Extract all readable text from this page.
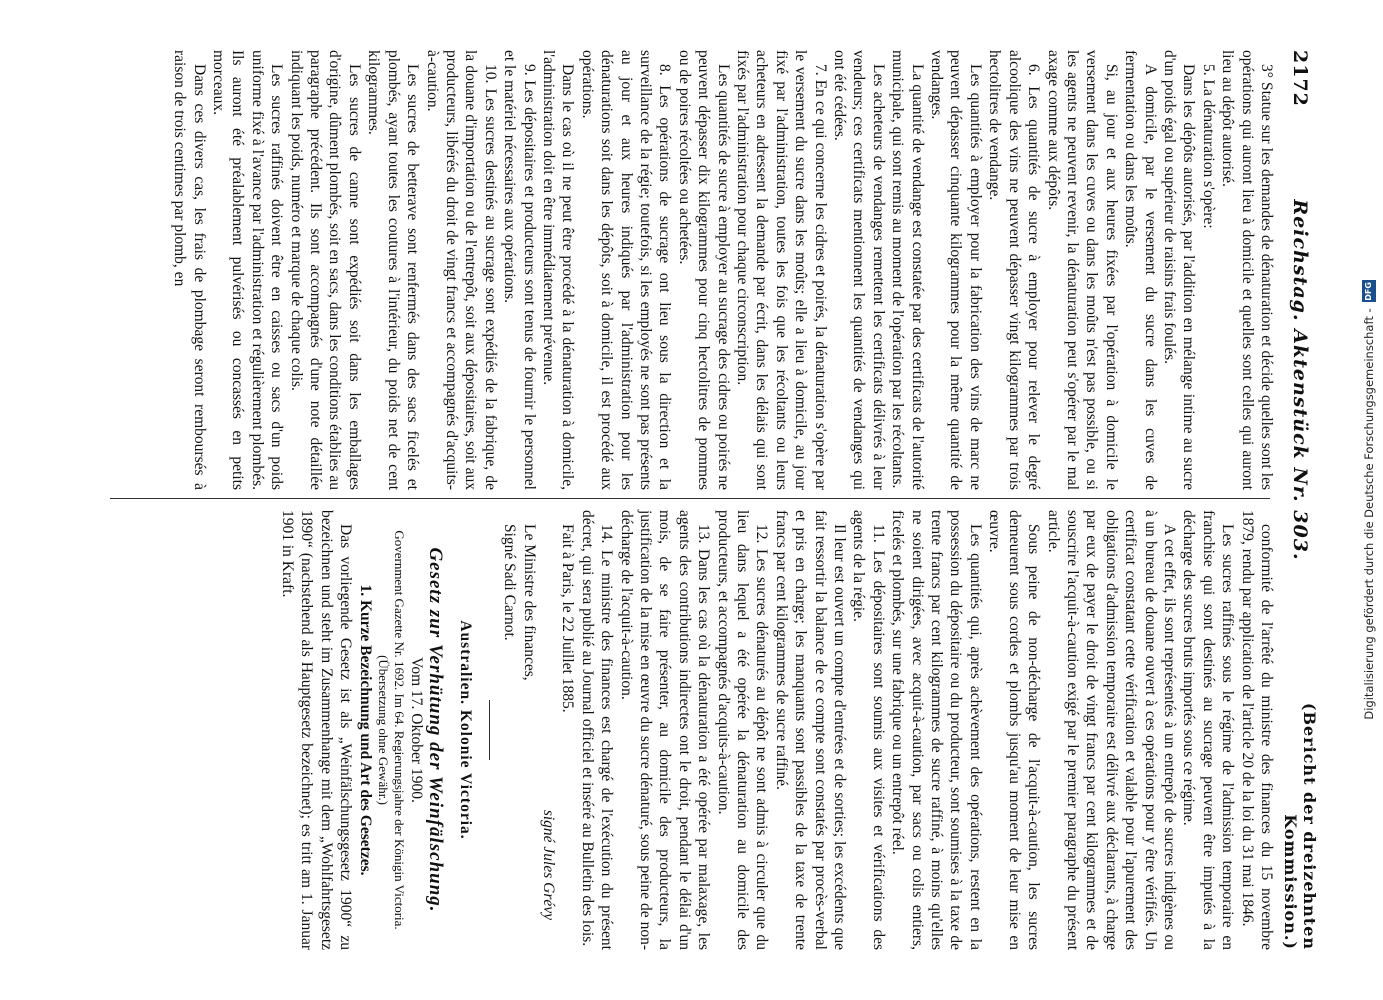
2172
Reichstag. Aktenstück Nr. 303.
(Bericht der dreizehnten Kommission.)

3° Statue sur les demandes de dénaturation et décide quelles sont les opérations qui auront lieu à domicile et quelles sont celles qui auront lieu au dépôt autorisé.

5. La dénaturation s'opère:

Dans les dépôts autorisés, par l'addition en mélange intime au sucre d'un poids égal ou supérieur de raisins frais foulés.

A domicile, par le versement du sucre dans les cuves de fermentation ou dans les moûts.

Si, au jour et aux heures fixées par l'opération à domicile le versement dans les cuves ou dans les moûts n'est pas possible, ou si les agents ne peuvent revenir, la dénaturation peut s'opérer par le mal axage comme aux dépôts.

6. Les quantités de sucre à employer pour relever le degré alcoolique des vins ne peuvent dépasser vingt kilogrammes par trois hectolitres de vendange.

Les quantités à employer pour la fabrication des vins de marc ne peuvent dépasser cinquante kilogrammes pour la même quantité de vendanges.

La quantité de vendange est constatée par des certificats de l'autorité municipale, qui sont remis au moment de l'opération par les récoltants.

Les acheteurs de vendanges remettent les certificats délivrés à leur vendeurs; ces certificats mentionnent les quantités de vendanges qui ont été cédées.

7. En ce qui concerne les cidres et poirés, la dénaturation s'opère par le versement du sucre dans les moûts; elle a lieu à domicile, au jour fixé par l'administration, toutes les fois que les récoltants ou leurs acheteurs en adressent la demande par écrit, dans les délais qui sont fixés par l'administration pour chaque circonscription.

Les quantités de sucre à employer au sucrage des cidres ou poirés ne peuvent dépasser dix kilogrammes pour cinq hectolitres de pommes ou de poires récoltées ou achetées.

8. Les opérations de sucrage ont lieu sous la direction et la surveillance de la régie; toutefois, si les employés ne sont pas présents au jour et aux heures indiqués par l'administration pour les dénaturations soit dans les dépôts, soit à domicile, il est procédé aux opérations.

Dans le cas où il ne peut être procédé à la dénaturation à domicile, l'administration doit en être immédiatement prévenue.

9. Les dépositaires et producteurs sont tenus de fournir le personnel et le matériel nécessaires aux opérations.

10. Les sucres destinés au sucrage sont expédiés de la fabrique, de la douane d'importation ou de l'entrepôt, soit aux dépositaires, soit aux producteurs, libérés du droit de vingt francs et accompagnés d'acquits-à-caution.

Les sucres de betterave sont renfermés dans des sacs ficelés et plombés, ayant toutes les coutures à l'intérieur, du poids net de cent kilogrammes.

Les sucres de canne sont expédiés soit dans les emballages d'origine, dûment plombés, soit en sacs, dans les conditions établies au paragraphe précédent. Ils sont accompagnés d'une note détaillée indiquant les poids, numéro et marque de chaque colis.

Les sucres raffinés doivent être en caisses ou sacs d'un poids uniforme fixé à l'avance par l'administration et régulièrement plombés. Ils auront été préalablement pulvérisés ou concassés en petits morceaux.

Dans ces divers cas, les frais de plombage seront remboursés à raison de trois centimes par plomb, en

conformité de l'arrêté du ministre des finances du 15 novembre 1879, rendu par application de l'article 20 de la loi du 31 mai 1846.

Les sucres raffinés sous le régime de l'admission temporaire en franchise qui sont destinés au sucrage peuvent être imputés à la décharge des sucres bruts importés sous ce régime.

A cet effet, ils sont représentés à un entrepôt de sucres indigènes ou à un bureau de douane ouvert à ces opérations pour y être vérifiés. Un certificat constatant cette vérification et valable pour l'apurement des obligations d'admission temporaire est délivré aux déclarants, à charge par eux de payer le droit de vingt francs par cent kilogrammes et de souscrire l'acquit-à-caution exigé par le premier paragraphe du présent article.

Sous peine de non-décharge de l'acquit-à-caution, les sucres demeurent sous cordes et plombs jusqu'au moment de leur mise en œuvre.

Les quantités qui, après achèvement des opérations, restent en la possession du dépositaire ou du producteur, sont soumises à la taxe de trente francs par cent kilogrammes de sucre raffiné, à moins qu'elles ne soient dirigées, avec acquit-à-caution, par sacs ou colis entiers, ficelés et plombés, sur une fabrique ou un entrepôt réel.

11. Les dépositaires sont soumis aux visites et vérifications des agents de la régie.

Il leur est ouvert un compte d'entrées et de sorties; les excédents que fait ressortir la balance de ce compte sont constatés par procès-verbal et pris en charge; les manquants sont passibles de la taxe de trente francs par cent kilogrammes de sucre raffiné.

12. Les sucres dénaturés au dépôt ne sont admis à circuler que du lieu dans lequel a été opérée la dénaturation au domicile des producteurs, et accompagnés d'acquits-à-caution.

13. Dans les cas où la dénaturation a été opérée par malaxage, les agents des contributions indirectes ont le droit, pendant le délai d'un mois, de se faire présenter, au domicile des producteurs, la justification de la mise en œuvre du sucre dénaturé, sous peine de non-décharge de l'acquit-à-caution.

14. Le ministre des finances est chargé de l'exécution du présent décret, qui sera publié au Journal officiel et inséré au Bulletin des lois.

Fait à Paris, le 22 Juillet 1885.

signé Jules Grévy

Le Ministre des finances,

Signé Sadi Carnot.

Australien. Kolonie Victoria.

Gesetz zur Verhütung der Weinfälschung.

Vom 17. Oktober 1900.

Government Gazette Nr. 1692. Im 64. Regierungsjahre der Königin Victoria.

(Übersetzung ohne Gewähr.)

1. Kurze Bezeichnung und Art des Gesetzes.

Das vorliegende Gesetz ist als „Weinfälschungsgesetz 1900“ zu bezeichnen und steht im Zusammenhange mit dem „Wohlfahrtsgesetz 1890“ (nachstehend als Hauptgesetz bezeichnet); es tritt am 1. Januar 1901 in Kraft.	Digitalisierung gefördert durch die Deutsche Forschungsgemeinschaft -
DFG
